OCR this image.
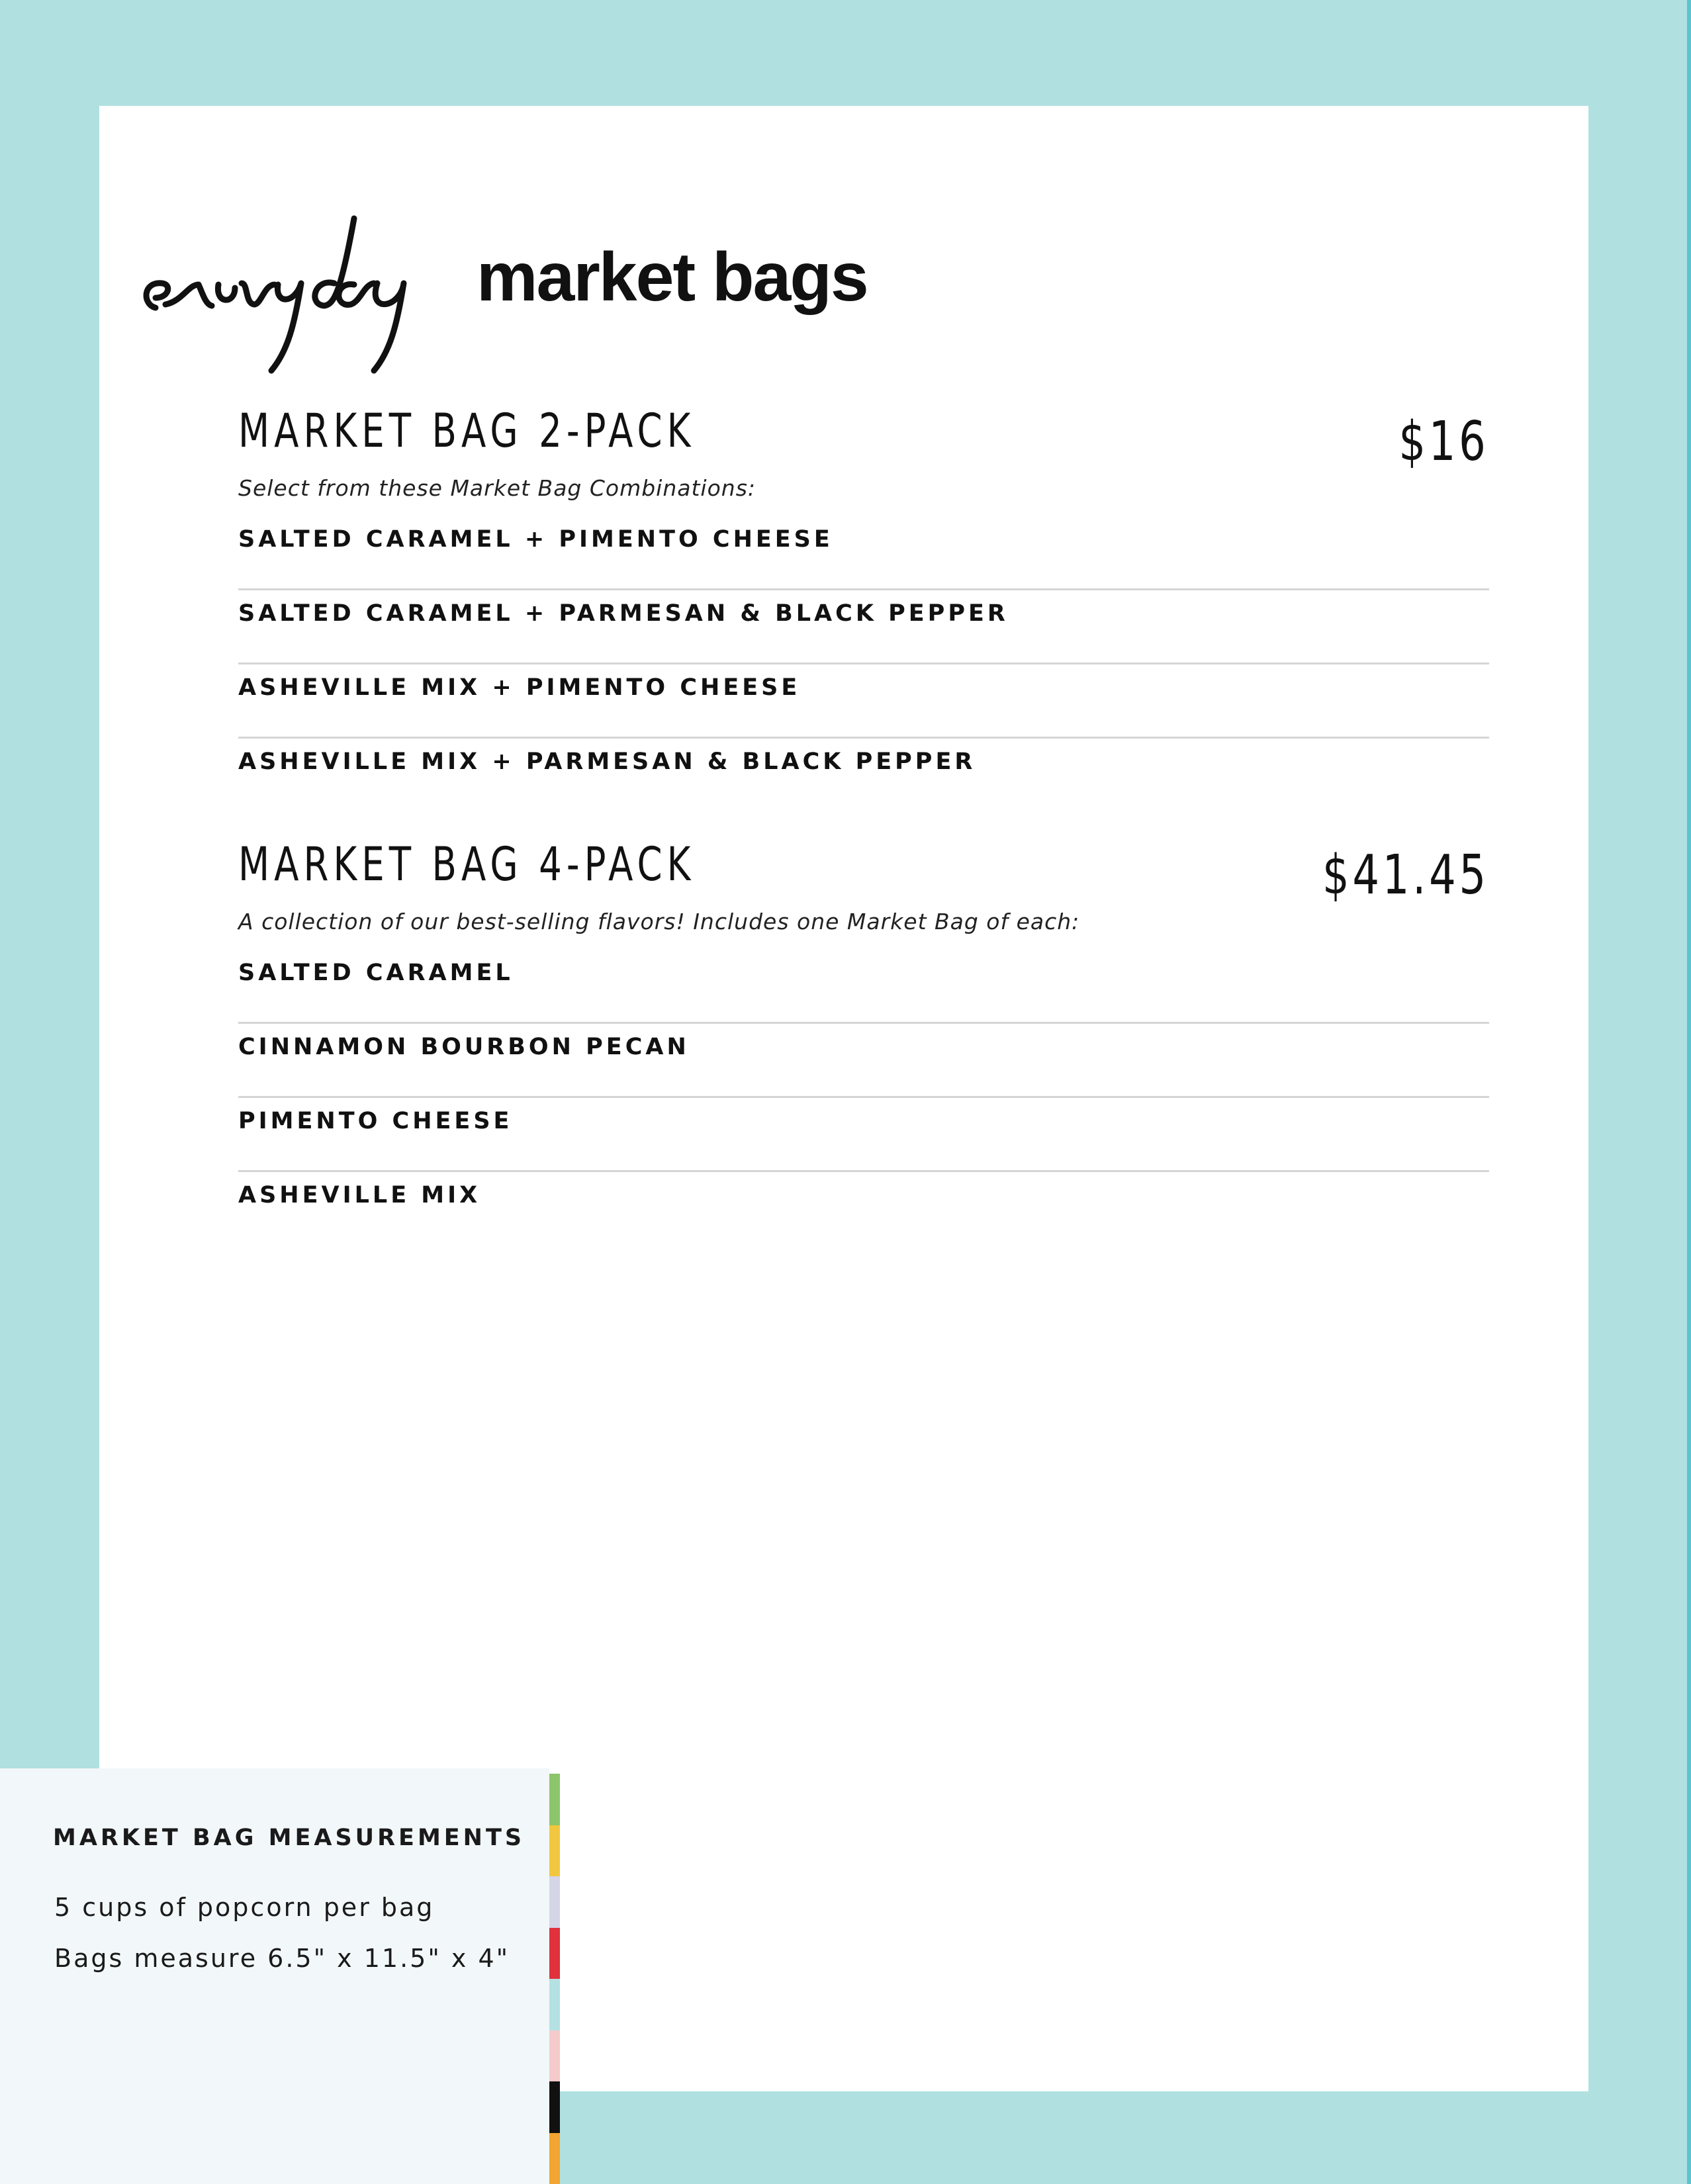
market bags
MARKET BAG 2-PACK	$16
Select from these Market Bag Combinations:
SALTED CARAMEL + PIMENTO CHEESE
SALTED CARAMEL + PARMESAN & BLACK PEPPER
ASHEVILLE MIX + PIMENTO CHEESE
ASHEVILLE MIX + PARMESAN & BLACK PEPPER
MARKET BAG 4-PACK	$41.45
A collection of our best-selling flavors! Includes one Market Bag of each:
SALTED CARAMEL
CINNAMON BOURBON PECAN
PIMENTO CHEESE
ASHEVILLE MIX
MARKET BAG MEASUREMENTS
5 cups of popcorn per bag
Bags measure 6.5" x 11.5" x 4"
